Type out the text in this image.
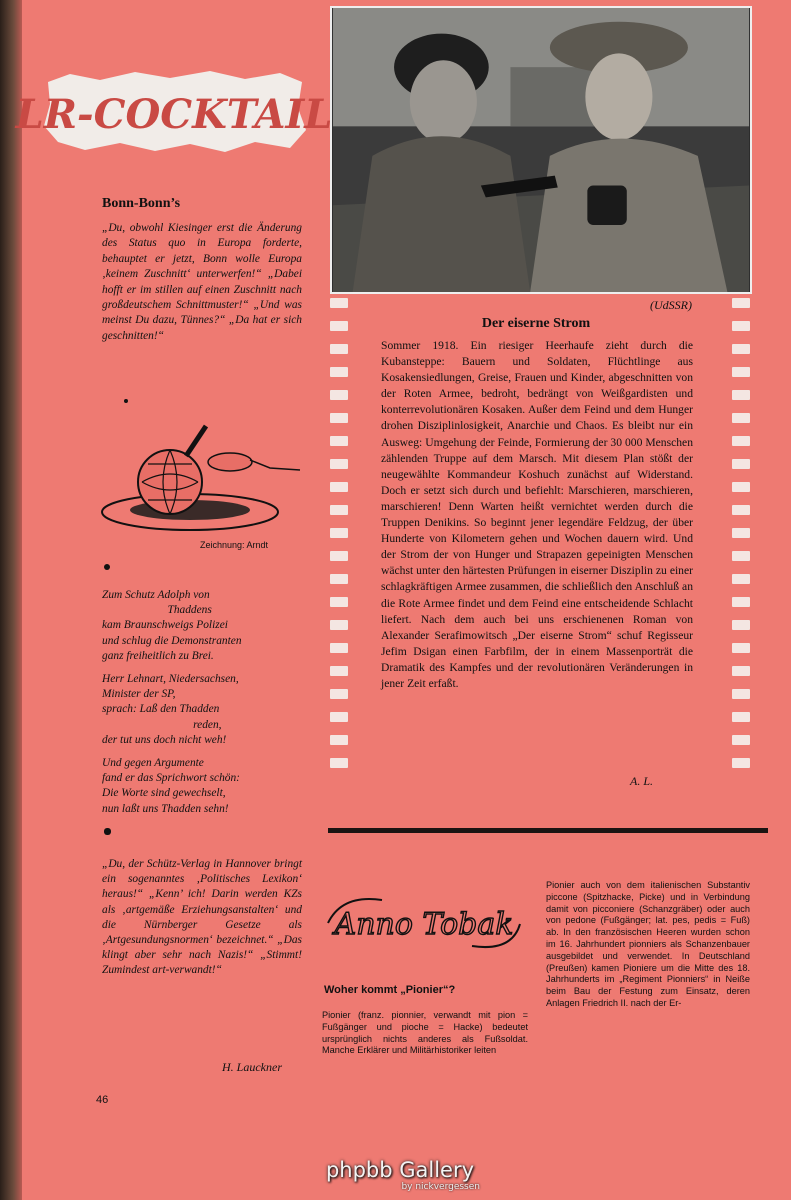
LR-COCKTAIL
(UdSSR)
Der eiserne Strom
Sommer 1918. Ein riesiger Heerhaufe zieht durch die Kubansteppe: Bauern und Soldaten, Flüchtlinge aus Kosakensiedlungen, Greise, Frauen und Kinder, abgeschnitten von der Roten Armee, bedroht, bedrängt von Weißgardisten und konterrevolutionären Kosaken. Außer dem Feind und dem Hunger drohen Disziplinlosigkeit, Anarchie und Chaos. Es bleibt nur ein Ausweg: Umgehung der Feinde, Formierung der 30 000 Menschen zählenden Truppe auf dem Marsch. Mit diesem Plan stößt der neugewählte Kommandeur Koshuch zunächst auf Widerstand. Doch er setzt sich durch und befiehlt: Marschieren, marschieren, marschieren! Denn Warten heißt vernichtet werden durch die Truppen Denikins. So beginnt jener legendäre Feldzug, der über Hunderte von Kilometern gehen und Wochen dauern wird. Und der Strom der von Hunger und Strapazen gepeinigten Menschen wächst unter den härtesten Prüfungen in eiserner Disziplin zu einer schlagkräftigen Armee zusammen, die schließlich den Anschluß an die Rote Armee findet und dem Feind eine entscheidende Schlacht liefert. Nach dem auch bei uns erschienenen Roman von Alexander Serafimowitsch „Der eiserne Strom“ schuf Regisseur Jefim Dsigan einen Farbfilm, der in einem Massenporträt die Dramatik des Kampfes und der revolutionären Veränderungen in jener Zeit erfaßt.
A. L.
Bonn-Bonn’s
„Du, obwohl Kiesinger erst die Änderung des Status quo in Europa forderte, behauptet er jetzt, Bonn wolle Europa ‚keinem Zuschnitt‘ unterwerfen!“ „Dabei hofft er im stillen auf einen Zuschnitt nach großdeutschem Schnittmuster!“ „Und was meinst Du dazu, Tünnes?“ „Da hat er sich geschnitten!“
Zeichnung: Arndt

Zum Schutz Adolph von
Thaddens
kam Braunschweigs Polizei
und schlug die Demonstranten
ganz freiheitlich zu Brei.

Herr Lehnart, Niedersachsen,
Minister der SP,
sprach: Laß den Thadden
reden,
der tut uns doch nicht weh!

Und gegen Argumente
fand er das Sprichwort schön:
Die Worte sind gewechselt,
nun laßt uns Thadden sehn!

„Du, der Schütz-Verlag in Hannover bringt ein sogenanntes ‚Politisches Lexikon‘ heraus!“ „Kenn’ ich! Darin werden KZs als ‚artgemäße Erziehungsanstalten‘ und die Nürnberger Gesetze als ‚Artgesundungsnormen‘ bezeichnet.“ „Das klingt aber sehr nach Nazis!“ „Stimmt! Zumindest art-verwandt!“
H. Lauckner
Anno Tobak
Woher kommt „Pionier“?
Pionier (franz. pionnier, verwandt mit pion = Fußgänger und pioche = Hacke) bedeutet ursprünglich nichts anderes als Fußsoldat. Manche Erklärer und Militärhistoriker leiten
Pionier auch von dem italienischen Substantiv piccone (Spitzhacke, Picke) und in Verbindung damit von picconiere (Schanzgräber) oder auch von pedone (Fußgänger; lat. pes, pedis = Fuß) ab. In den französischen Heeren wurden schon im 16. Jahrhundert pionniers als Schanzenbauer ausgebildet und verwendet. In Deutschland (Preußen) kamen Pioniere um die Mitte des 18. Jahrhunderts im „Regiment Pionniers“ in Neiße beim Bau der Festung zum Einsatz, deren Anlagen Friedrich II. nach der Er-
46
phpbb Gallery
by nickvergessen
